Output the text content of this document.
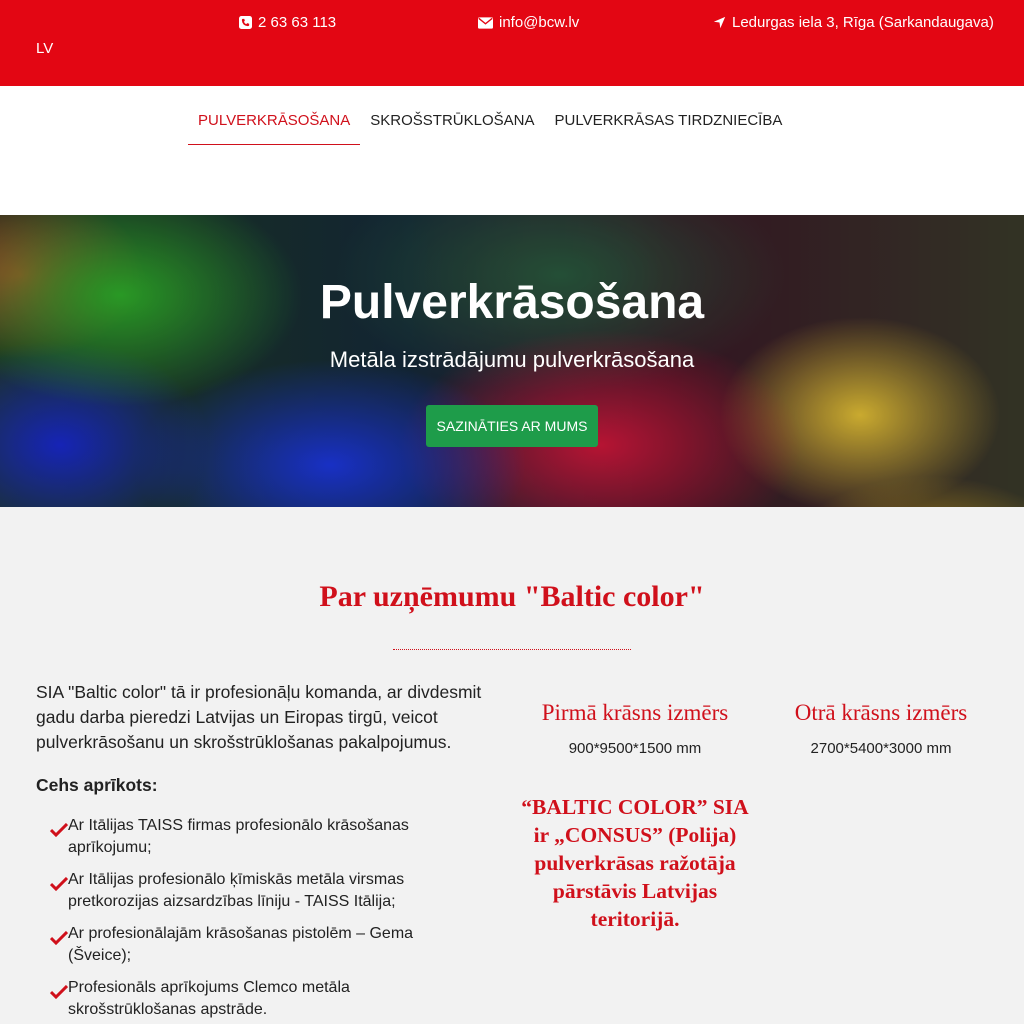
2 63 63 113	info@bcw.lv	Ledurgas iela 3, Rīga (Sarkandaugava)
LV
PULVERKRĀSOŠANA	SKROŠSTRŪKLOŠANA	PULVERKRĀSAS TIRDZNIECĪBA
Pulverkrāsošana

Metāla izstrādājumu pulverkrāsošana

SAZINĀTIES AR MUMS
Par uzņēmumu "Baltic color"

SIA "Baltic color" tā ir profesionāļu komanda, ar divdesmit gadu darba pieredzi Latvijas un Eiropas tirgū, veicot pulverkrāsošanu un skrošstrūklošanas pakalpojumus.

Cehs aprīkots:
Ar Itālijas TAISS firmas profesionālo krāsošanas aprīkojumu;
Ar Itālijas profesionālo ķīmiskās metāla virsmas pretkorozijas aizsardzības līniju - TAISS Itālija;
Ar profesionālajām krāsošanas pistolēm – Gema (Šveice);
Profesionāls aprīkojums Clemco metāla skrošstrūklošanas apstrāde.
Pirmā krāsns izmērs
900*9500*1500 mm
Otrā krāsns izmērs
2700*5400*3000 mm

“BALTIC COLOR” SIA ir „CONSUS” (Polija) pulverkrāsas ražotāja pārstāvis Latvijas teritorijā.
